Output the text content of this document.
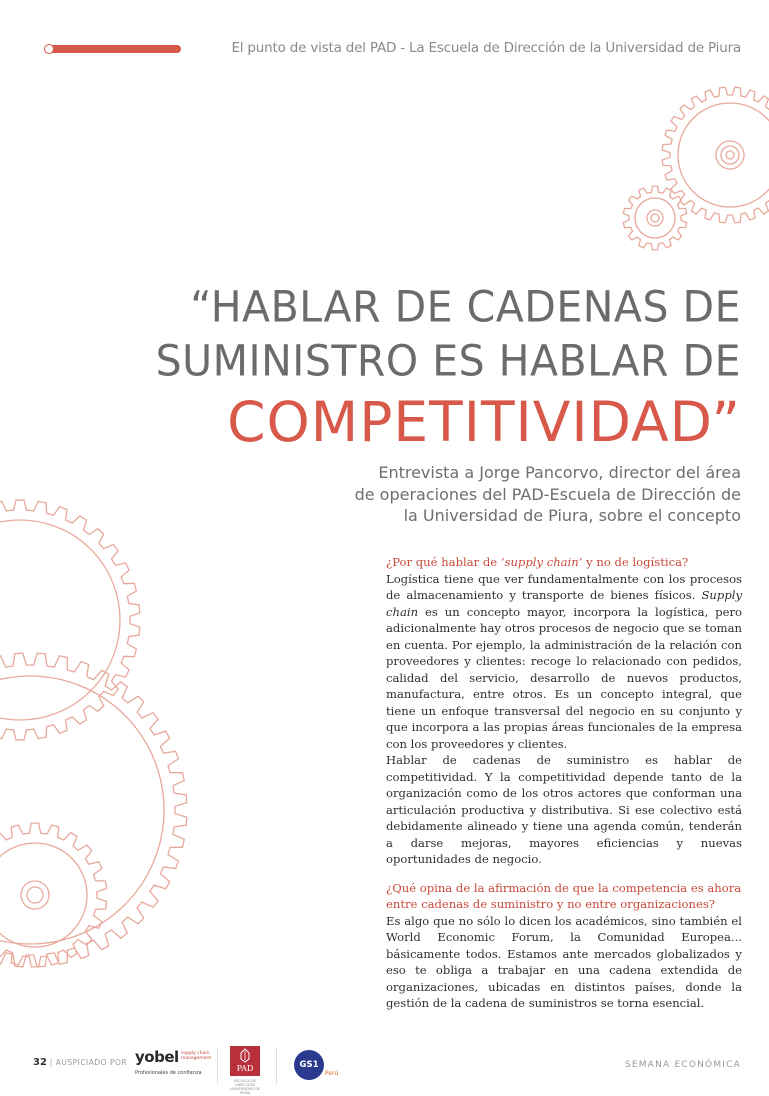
El punto de vista del PAD - La Escuela de Dirección de la Universidad de Piura
“HABLAR DE CADENAS DE
SUMINISTRO ES HABLAR DE
COMPETITIVIDAD”
Entrevista a Jorge Pancorvo, director del área
de operaciones del PAD-Escuela de Dirección de
la Universidad de Piura, sobre el concepto

¿Por qué hablar de ‘supply chain’ y no de logística?

Logística tiene que ver fundamentalmente con los procesos de almacenamiento y transporte de bienes físicos. Supply chain es un concepto mayor, incorpora la logística, pero adicionalmente hay otros procesos de negocio que se toman en cuenta. Por ejemplo, la administración de la relación con proveedores y clientes: recoge lo relacionado con pedidos, calidad del servicio, desarrollo de nuevos productos, manufactura, entre otros. Es un concepto integral, que tiene un enfoque transversal del negocio en su conjunto y que incorpora a las propias áreas funcionales de la empresa con los proveedores y clientes.

Hablar de cadenas de suministro es hablar de competitividad. Y la competitividad depende tanto de la organización como de los otros actores que conforman una articulación productiva y distributiva. Si ese colectivo está debidamente alineado y tiene una agenda común, tenderán a darse mejoras, mayores eficiencias y nuevas oportunidades de negocio.

¿Qué opina de la afirmación de que la competencia es ahora
entre cadenas de suministro y no entre organizaciones?

Es algo que no sólo lo dicen los académicos, sino también el World Economic Forum, la Comunidad Europea... básicamente todos. Estamos ante mercados globalizados y eso te obliga a trabajar en una cadena extendida de organizaciones, ubicadas en distintos países, donde la gestión de la cadena de suministros se torna esencial.

32 | AUSPICIADO POR yobel supply chain management
Profesionales de confianza	PAD
ESCUELA DE DIRECCIÓN UNIVERSIDAD DE PIURA
GS1
Perú
SEMANA ECONÓMICA
